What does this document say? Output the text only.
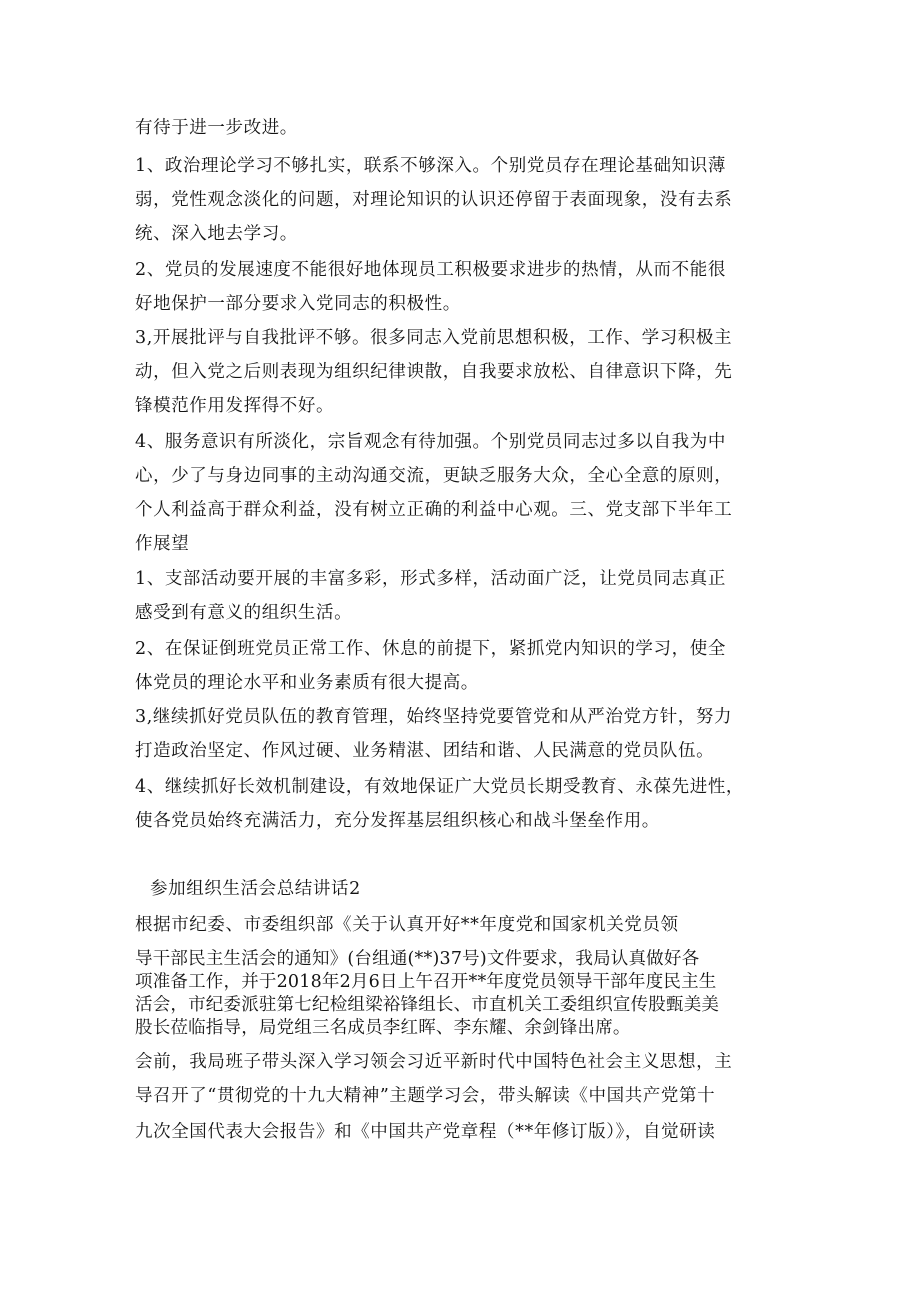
有待于进一步改进。

1、政治理论学习不够扎实，联系不够深入。个别党员存在理论基础知识薄

弱，党性观念淡化的问题，对理论知识的认识还停留于表面现象，没有去系

统、深入地去学习。

2、党员的发展速度不能很好地体现员工积极要求进步的热情，从而不能很

好地保护一部分要求入党同志的积极性。

3,开展批评与自我批评不够。很多同志入党前思想积极，工作、学习积极主

动，但入党之后则表现为组织纪律谀散，自我要求放松、自律意识下降，先

锋模范作用发挥得不好。

4、服务意识有所淡化，宗旨观念有待加强。个别党员同志过多以自我为中

心，少了与身边同事的主动沟通交流，更缺乏服务大众，全心全意的原则，

个人利益高于群众利益，没有树立正确的利益中心观。三、党支部下半年工

作展望

1、支部活动要开展的丰富多彩，形式多样，活动面广泛，让党员同志真正

感受到有意义的组织生活。

2、在保证倒班党员正常工作、休息的前提下，紧抓党内知识的学习，使全

体党员的理论水平和业务素质有很大提高。

3,继续抓好党员队伍的教育管理，始终坚持党要管党和从严治党方针，努力

打造政治坚定、作风过硬、业务精湛、团结和谐、人民满意的党员队伍。

4、继续抓好长效机制建设，有效地保证广大党员长期受教育、永葆先进性，

使各党员始终充满活力，充分发挥基层组织核心和战斗堡垒作用。

参加组织生活会总结讲话2

根据市纪委、市委组织部《关于认真开好**年度党和国家机关党员领

导干部民主生活会的通知》(台组通(**)37号)文件要求，我局认真做好各

项准备工作，并于2018年2月6日上午召开**年度党员领导干部年度民主生

活会，市纪委派驻第七纪检组梁裕锋组长、市直机关工委组织宣传股甄美美

股长莅临指导，局党组三名成员李红晖、李东耀、余剑锋出席。

会前，我局班子带头深入学习领会习近平新时代中国特色社会主义思想，主

导召开了“贯彻党的十九大精神”主题学习会，带头解读《中国共产党第十

九次全国代表大会报告》和《中国共产党章程（**年修订版）》，自觉研读
